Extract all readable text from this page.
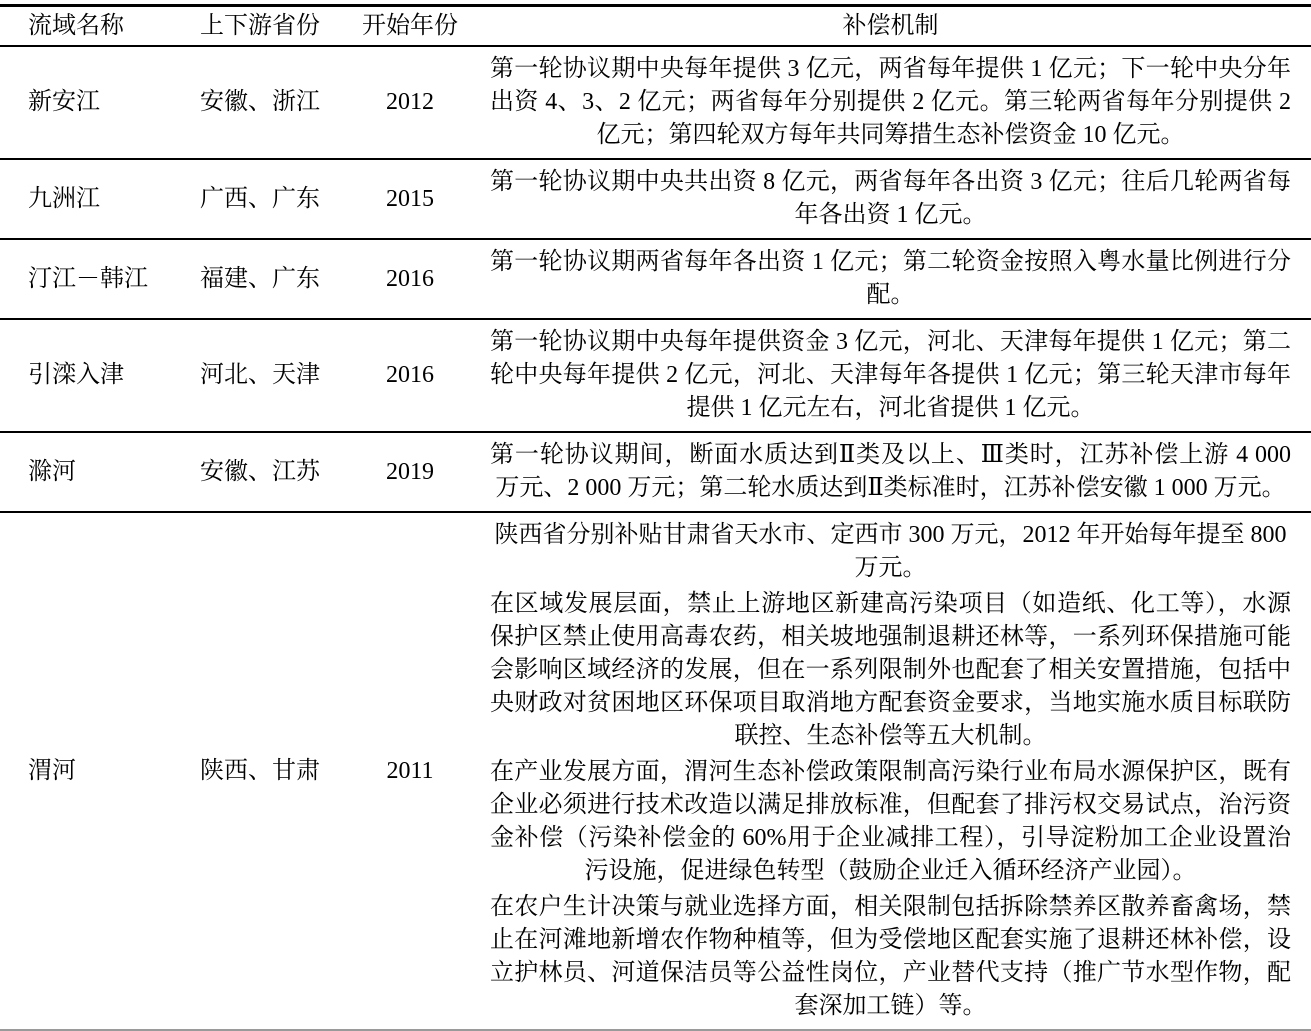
流域名称	上下游省份	开始年份	补偿机制
新安江	安徽、浙江	2012	第一轮协议期中央每年提供 3 亿元，两省每年提供 1 亿元；下一轮中央分年出资 4、3、2 亿元；两省每年分别提供 2 亿元。第三轮两省每年分别提供 2 亿元；第四轮双方每年共同筹措生态补偿资金 10 亿元。

九洲江	广西、广东	2015	第一轮协议期中央共出资 8 亿元，两省每年各出资 3 亿元；往后几轮两省每年各出资 1 亿元。

汀江－韩江	福建、广东	2016	第一轮协议期两省每年各出资 1 亿元；第二轮资金按照入粤水量比例进行分配。

引滦入津	河北、天津	2016	第一轮协议期中央每年提供资金 3 亿元，河北、天津每年提供 1 亿元；第二轮中央每年提供 2 亿元，河北、天津每年各提供 1 亿元；第三轮天津市每年提供 1 亿元左右，河北省提供 1 亿元。

滁河	安徽、江苏	2019	第一轮协议期间，断面水质达到Ⅱ类及以上、Ⅲ类时，江苏补偿上游 4 000 万元、2 000 万元；第二轮水质达到Ⅱ类标准时，江苏补偿安徽 1 000 万元。

渭河	陕西、甘肃	2011	陕西省分别补贴甘肃省天水市、定西市 300 万元，2012 年开始每年提至 800 万元。

在区域发展层面，禁止上游地区新建高污染项目（如造纸、化工等），水源保护区禁止使用高毒农药，相关坡地强制退耕还林等，一系列环保措施可能会影响区域经济的发展，但在一系列限制外也配套了相关安置措施，包括中央财政对贫困地区环保项目取消地方配套资金要求，当地实施水质目标联防联控、生态补偿等五大机制。

在产业发展方面，渭河生态补偿政策限制高污染行业布局水源保护区，既有企业必须进行技术改造以满足排放标准，但配套了排污权交易试点，治污资金补偿（污染补偿金的 60%用于企业减排工程），引导淀粉加工企业设置治污设施，促进绿色转型（鼓励企业迁入循环经济产业园）。

在农户生计决策与就业选择方面，相关限制包括拆除禁养区散养畜禽场，禁止在河滩地新增农作物种植等，但为受偿地区配套实施了退耕还林补偿，设立护林员、河道保洁员等公益性岗位，产业替代支持（推广节水型作物，配套深加工链）等。
